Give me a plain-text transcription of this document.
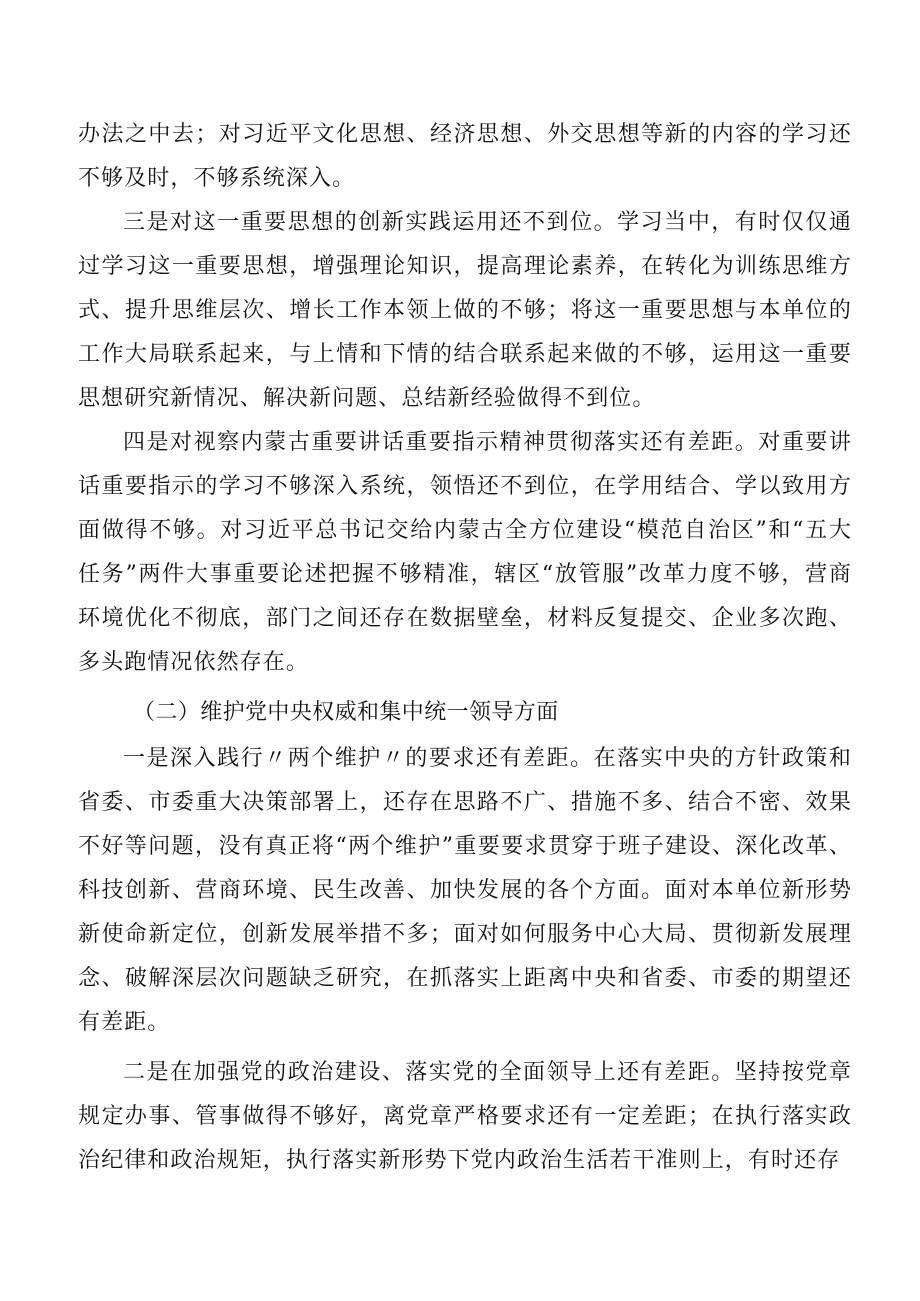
办法之中去；对习近平文化思想、经济思想、外交思想等新的内容的学习还不够及时，不够系统深入。

三是对这一重要思想的创新实践运用还不到位。学习当中，有时仅仅通过学习这一重要思想，增强理论知识，提高理论素养，在转化为训练思维方式、提升思维层次、增长工作本领上做的不够；将这一重要思想与本单位的工作大局联系起来，与上情和下情的结合联系起来做的不够，运用这一重要思想研究新情况、解决新问题、总结新经验做得不到位。

四是对视察内蒙古重要讲话重要指示精神贯彻落实还有差距。对重要讲话重要指示的学习不够深入系统，领悟还不到位，在学用结合、学以致用方面做得不够。对习近平总书记交给内蒙古全方位建设“模范自治区”和“五大任务”两件大事重要论述把握不够精准，辖区“放管服”改革力度不够，营商环境优化不彻底，部门之间还存在数据壁垒，材料反复提交、企业多次跑、多头跑情况依然存在。

（二）维护党中央权威和集中统一领导方面

一是深入践行〃两个维护〃的要求还有差距。在落实中央的方针政策和省委、市委重大决策部署上，还存在思路不广、措施不多、结合不密、效果不好等问题，没有真正将“两个维护”重要要求贯穿于班子建设、深化改革、科技创新、营商环境、民生改善、加快发展的各个方面。面对本单位新形势新使命新定位，创新发展举措不多；面对如何服务中心大局、贯彻新发展理念、破解深层次问题缺乏研究，在抓落实上距离中央和省委、市委的期望还有差距。

二是在加强党的政治建设、落实党的全面领导上还有差距。坚持按党章规定办事、管事做得不够好，离党章严格要求还有一定差距；在执行落实政治纪律和政治规矩，执行落实新形势下党内政治生活若干准则上，有时还存
